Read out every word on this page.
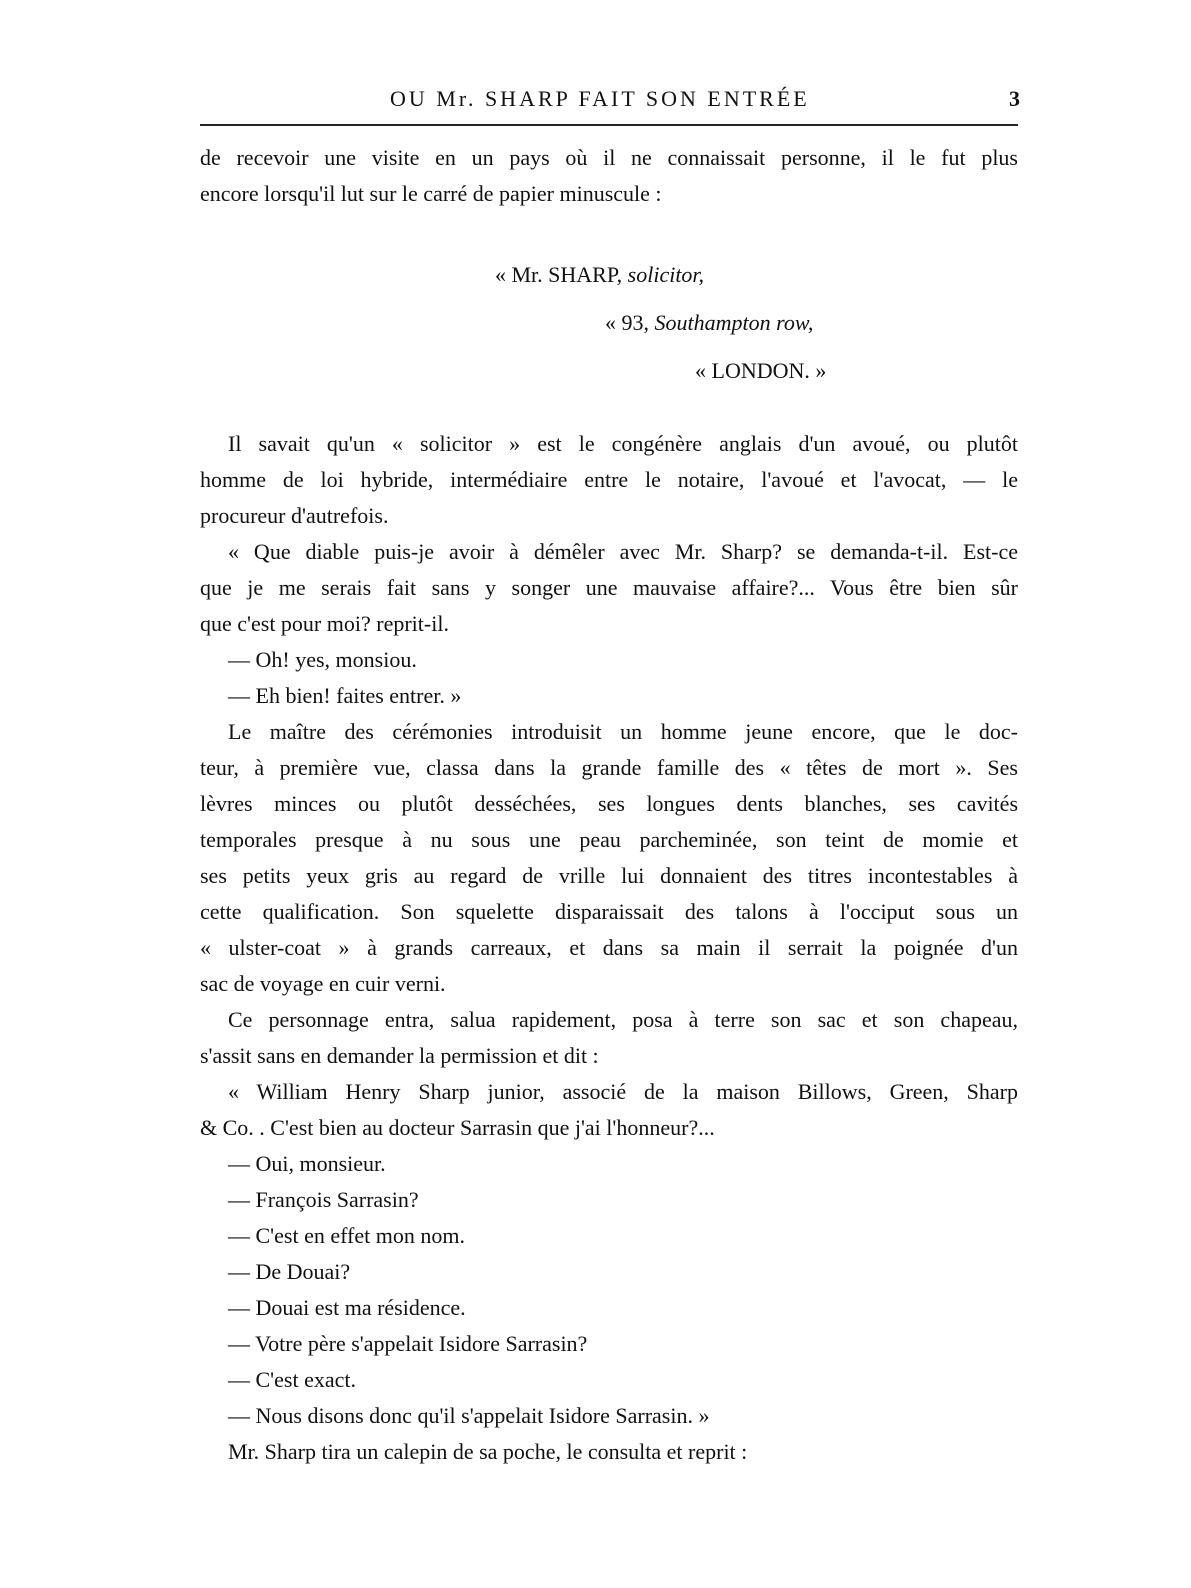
OU Mr. SHARP FAIT SON ENTRÉE	3
de recevoir une visite en un pays où il ne connaissait personne, il le fut plus
encore lorsqu'il lut sur le carré de papier minuscule :
« Mr. SHARP, solicitor,
« 93, Southampton row,
« LONDON. »
Il savait qu'un « solicitor » est le congénère anglais d'un avoué, ou plutôt
homme de loi hybride, intermédiaire entre le notaire, l'avoué et l'avocat, — le
procureur d'autrefois.
« Que diable puis-je avoir à démêler avec Mr. Sharp? se demanda-t-il. Est-ce
que je me serais fait sans y songer une mauvaise affaire?... Vous être bien sûr
que c'est pour moi? reprit-il.
— Oh! yes, monsiou.
— Eh bien! faites entrer. »
Le maître des cérémonies introduisit un homme jeune encore, que le doc-
teur, à première vue, classa dans la grande famille des « têtes de mort ». Ses
lèvres minces ou plutôt desséchées, ses longues dents blanches, ses cavités
temporales presque à nu sous une peau parcheminée, son teint de momie et
ses petits yeux gris au regard de vrille lui donnaient des titres incontestables à
cette qualification. Son squelette disparaissait des talons à l'occiput sous un
« ulster-coat » à grands carreaux, et dans sa main il serrait la poignée d'un
sac de voyage en cuir verni.
Ce personnage entra, salua rapidement, posa à terre son sac et son chapeau,
s'assit sans en demander la permission et dit :
« William Henry Sharp junior, associé de la maison Billows, Green, Sharp
& Co. . C'est bien au docteur Sarrasin que j'ai l'honneur?...
— Oui, monsieur.
— François Sarrasin?
— C'est en effet mon nom.
— De Douai?
— Douai est ma résidence.
— Votre père s'appelait Isidore Sarrasin?
— C'est exact.
— Nous disons donc qu'il s'appelait Isidore Sarrasin. »
Mr. Sharp tira un calepin de sa poche, le consulta et reprit :
